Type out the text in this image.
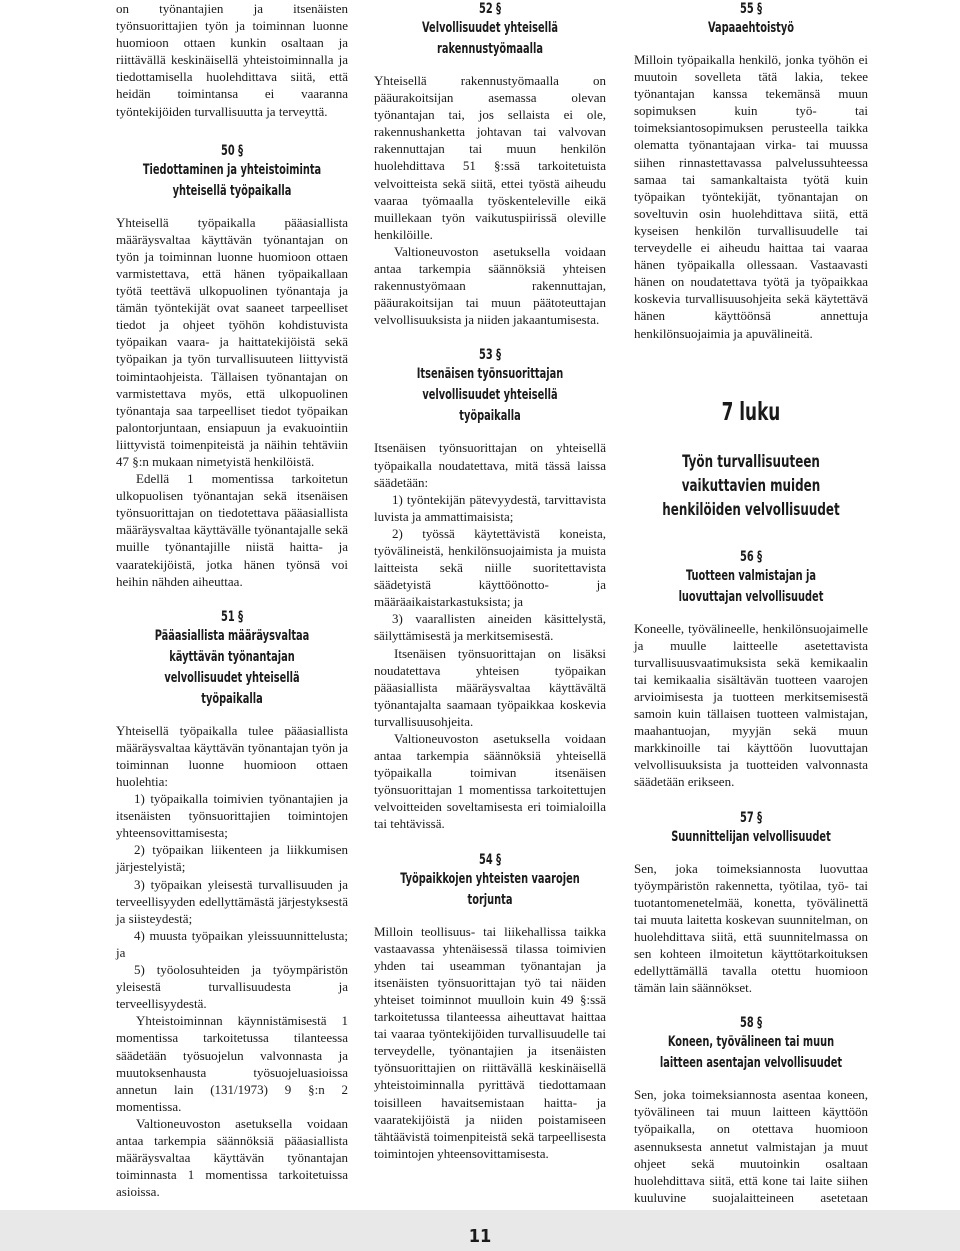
on työnantajien ja itsenäisten työnsuorittajien työn ja toiminnan luonne huomioon ottaen kunkin osaltaan ja riittävällä keskinäisellä yhteistoiminnalla ja tiedottamisella huolehdittava siitä, että heidän toimintansa ei vaaranna työntekijöiden turvallisuutta ja terveyttä.

50 §
Tiedottaminen ja yhteistoiminta yhteisellä työpaikalla

Yhteisellä työpaikalla pääasiallista määräysvaltaa käyttävän työnantajan on työn ja toiminnan luonne huomioon ottaen varmistettava, että hänen työpaikallaan työtä teettävä ulkopuolinen työnantaja ja tämän työntekijät ovat saaneet tarpeelliset tiedot ja ohjeet työhön kohdistuvista työpaikan vaara- ja haittatekijöistä sekä työpaikan ja työn turvallisuuteen liittyvistä toimintaohjeista. Tällaisen työnantajan on varmistettava myös, että ulkopuolinen työnantaja saa tarpeelliset tiedot työpaikan palontorjuntaan, ensiapuun ja evakuointiin liittyvistä toimenpiteistä ja näihin tehtäviin 47 §:n mukaan nimetyistä henkilöistä.

Edellä 1 momentissa tarkoitetun ulkopuolisen työnantajan sekä itsenäisen työnsuorittajan on tiedotettava pääasiallista määräysvaltaa käyttävälle työnantajalle sekä muille työnantajille niistä haitta- ja vaaratekijöistä, jotka hänen työnsä voi heihin nähden aiheuttaa.

51 §
Pääasiallista määräysvaltaa käyttävän työnantajan velvollisuudet yhteisellä työpaikalla

Yhteisellä työpaikalla tulee pääasiallista määräysvaltaa käyttävän työnantajan työn ja toiminnan luonne huomioon ottaen huolehtia:

1) työpaikalla toimivien työnantajien ja itsenäisten työnsuorittajien toimintojen yhteensovittamisesta;

2) työpaikan liikenteen ja liikkumisen järjestelyistä;

3) työpaikan yleisestä turvallisuuden ja terveellisyyden edellyttämästä järjestyksestä ja siisteydestä;

4) muusta työpaikan yleissuunnittelusta; ja

5) työolosuhteiden ja työympäristön yleisestä turvallisuudesta ja terveellisyydestä.

Yhteistoiminnan käynnistämisestä 1 momentissa tarkoitetussa tilanteessa säädetään työsuojelun valvonnasta ja muutoksenhausta työsuojeluasioissa annetun lain (131/1973) 9 §:n 2 momentissa.

Valtioneuvoston asetuksella voidaan antaa tarkempia säännöksiä pääasiallista määräysvaltaa käyttävän työnantajan toiminnasta 1 momentissa tarkoitetuissa asioissa.

52 §
Velvollisuudet yhteisellä rakennustyömaalla

Yhteisellä rakennustyömaalla on pääurakoitsijan asemassa olevan työnantajan tai, jos sellaista ei ole, rakennushanketta johtavan tai valvovan rakennuttajan tai muun henkilön huolehdittava 51 §:ssä tarkoitetuista velvoitteista sekä siitä, ettei työstä aiheudu vaaraa työmaalla työskenteleville eikä muillekaan työn vaikutuspiirissä oleville henkilöille.

Valtioneuvoston asetuksella voidaan antaa tarkempia säännöksiä yhteisen rakennustyömaan rakennuttajan, pääurakoitsijan tai muun päätoteuttajan velvollisuuksista ja niiden jakaantumisesta.

53 §
Itsenäisen työnsuorittajan velvollisuudet yhteisellä työpaikalla

Itsenäisen työnsuorittajan on yhteisellä työpaikalla noudatettava, mitä tässä laissa säädetään:

1) työntekijän pätevyydestä, tarvittavista luvista ja ammattimaisista;

2) työssä käytettävistä koneista, työvälineistä, henkilönsuojaimista ja muista laitteista sekä niille suoritettavista säädetyistä käyttöönotto- ja määräaikaistarkastuksista; ja

3) vaarallisten aineiden käsittelystä, säilyttämisestä ja merkitsemisestä.

Itsenäisen työnsuorittajan on lisäksi noudatettava yhteisen työpaikan pääasiallista määräysvaltaa käyttävältä työnantajalta saamaan työpaikkaa koskevia turvallisuusohjeita.

Valtioneuvoston asetuksella voidaan antaa tarkempia säännöksiä yhteisellä työpaikalla toimivan itsenäisen työnsuorittajan 1 momentissa tarkoitettujen velvoitteiden soveltamisesta eri toimialoilla tai tehtävissä.

54 §
Työpaikkojen yhteisten vaarojen torjunta

Milloin teollisuus- tai liikehallissa taikka vastaavassa yhtenäisessä tilassa toimivien yhden tai useamman työnantajan ja itsenäisten työnsuorittajan työ tai näiden yhteiset toiminnot muulloin kuin 49 §:ssä tarkoitetussa tilanteessa aiheuttavat haittaa tai vaaraa työntekijöiden turvallisuudelle tai terveydelle, työnantajien ja itsenäisten työnsuorittajien on riittävällä keskinäisellä yhteistoiminnalla pyrittävä tiedottamaan toisilleen havaitsemistaan haitta- ja vaaratekijöistä ja niiden poistamiseen tähtäävistä toimenpiteistä sekä tarpeellisesta toimintojen yhteensovittamisesta.

55 §
Vapaaehtoistyö

Milloin työpaikalla henkilö, jonka työhön ei muutoin sovelleta tätä lakia, tekee työnantajan kanssa tekemänsä muun sopimuksen kuin työ- tai toimeksiantosopimuksen perusteella taikka olematta työnantajaan virka- tai muussa siihen rinnastettavassa palvelussuhteessa samaa tai samankaltaista työtä kuin työpaikan työntekijät, työnantajan on soveltuvin osin huolehdittava siitä, että kyseisen henkilön turvallisuudelle tai terveydelle ei aiheudu haittaa tai vaaraa hänen työpaikalla ollessaan. Vastaavasti hänen on noudatettava työtä ja työpaikkaa koskevia turvallisuusohjeita sekä käytettävä hänen käyttöönsä annettuja henkilönsuojaimia ja apuvälineitä.

7 luku
Työn turvallisuuteen vaikuttavien muiden henkilöiden velvollisuudet
56 §
Tuotteen valmistajan ja luovuttajan velvollisuudet

Koneelle, työvälineelle, henkilönsuojaimelle ja muulle laitteelle asetettavista turvallisuusvaatimuksista sekä kemikaalin tai kemikaalia sisältävän tuotteen vaarojen arvioimisesta ja tuotteen merkitsemisestä samoin kuin tällaisen tuotteen valmistajan, maahantuojan, myyjän sekä muun markkinoille tai käyttöön luovuttajan velvollisuuksista ja tuotteiden valvonnasta säädetään erikseen.

57 §
Suunnittelijan velvollisuudet

Sen, joka toimeksiannosta luovuttaa työympäristön rakennetta, työtilaa, työ- tai tuotantomenetelmää, konetta, työvälinettä tai muuta laitetta koskevan suunnitelman, on huolehdittava siitä, että suunnitelmassa on sen kohteen ilmoitetun käyttötarkoituksen edellyttämällä tavalla otettu huomioon tämän lain säännökset.

58 §
Koneen, työvälineen tai muun laitteen asentajan velvollisuudet

Sen, joka toimeksiannosta asentaa koneen, työvälineen tai muun laitteen käyttöön työpaikalla, on otettava huomioon asennuksesta annetut valmistajan ja muut ohjeet sekä muutoinkin osaltaan huolehdittava siitä, että kone tai laite siihen kuuluvine suojalaitteineen asetetaan

11
